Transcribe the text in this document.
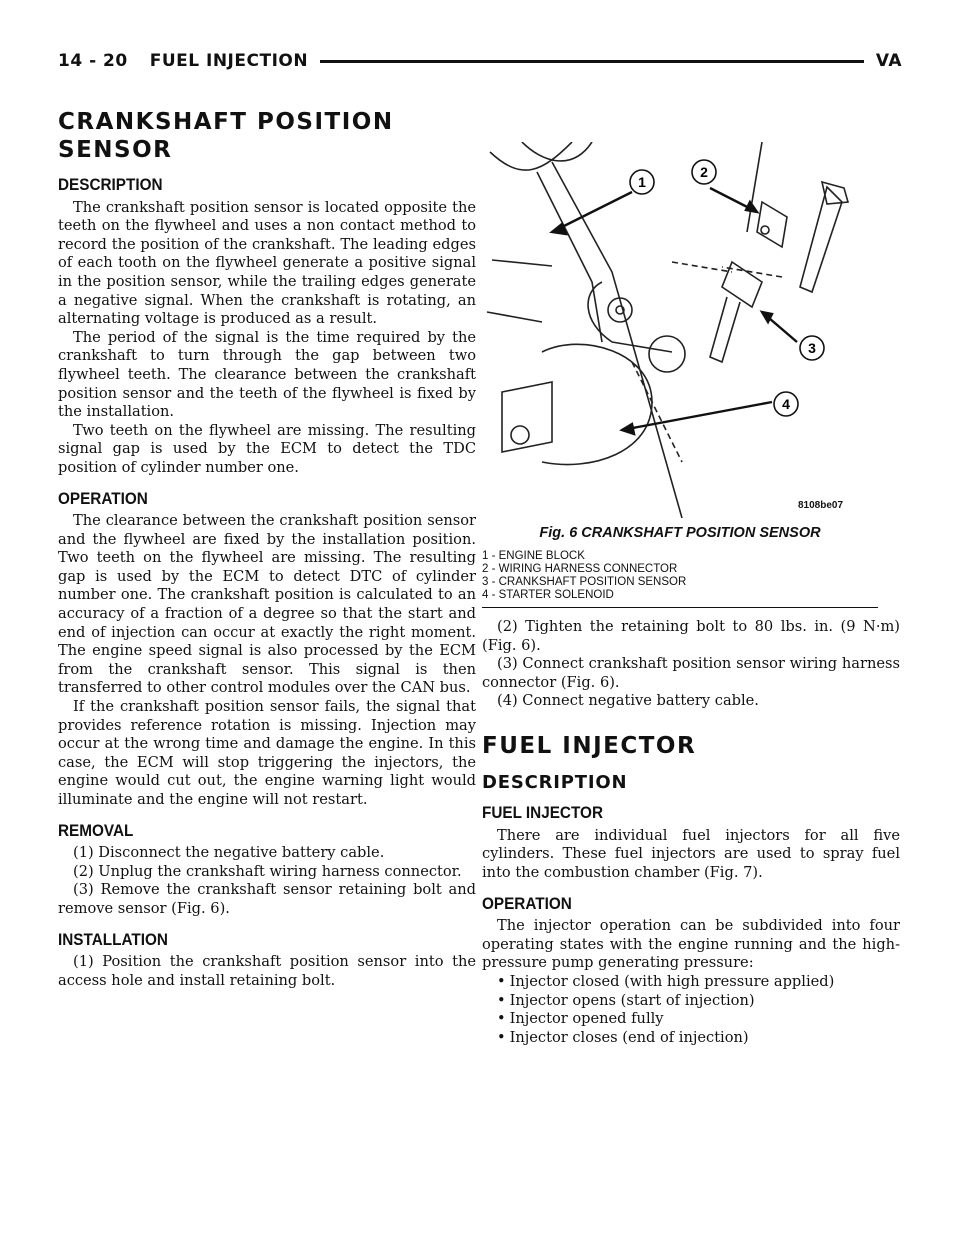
14 - 20 FUEL INJECTION	VA
CRANKSHAFT POSITION SENSOR
DESCRIPTION

The crankshaft position sensor is located opposite the teeth on the flywheel and uses a non contact method to record the position of the crankshaft. The leading edges of each tooth on the flywheel generate a positive signal in the position sensor, while the trailing edges generate a negative signal. When the crankshaft is rotating, an alternating voltage is produced as a result.

The period of the signal is the time required by the crankshaft to turn through the gap between two flywheel teeth. The clearance between the crankshaft position sensor and the teeth of the flywheel is fixed by the installation.

Two teeth on the flywheel are missing. The resulting signal gap is used by the ECM to detect the TDC position of cylinder number one.

OPERATION

The clearance between the crankshaft position sensor and the flywheel are fixed by the installation position. Two teeth on the flywheel are missing. The resulting gap is used by the ECM to detect DTC of cylinder number one. The crankshaft position is calculated to an accuracy of a fraction of a degree so that the start and end of injection can occur at exactly the right moment. The engine speed signal is also processed by the ECM from the crankshaft sensor. This signal is then transferred to other control modules over the CAN bus.

If the crankshaft position sensor fails, the signal that provides reference rotation is missing. Injection may occur at the wrong time and damage the engine. In this case, the ECM will stop triggering the injectors, the engine would cut out, the engine warning light would illuminate and the engine will not restart.

REMOVAL

(1) Disconnect the negative battery cable.

(2) Unplug the crankshaft wiring harness connector.

(3) Remove the crankshaft sensor retaining bolt and remove sensor (Fig. 6).

INSTALLATION

(1) Position the crankshaft position sensor into the access hole and install retaining bolt.

1
2
3
4
8108be07
Fig. 6 CRANKSHAFT POSITION SENSOR
1 - ENGINE BLOCK
2 - WIRING HARNESS CONNECTOR
3 - CRANKSHAFT POSITION SENSOR
4 - STARTER SOLENOID

(2) Tighten the retaining bolt to 80 lbs. in. (9 N·m) (Fig. 6).

(3) Connect crankshaft position sensor wiring harness connector (Fig. 6).

(4) Connect negative battery cable.

FUEL INJECTOR
DESCRIPTION
FUEL INJECTOR

There are individual fuel injectors for all five cylinders. These fuel injectors are used to spray fuel into the combustion chamber (Fig. 7).

OPERATION

The injector operation can be subdivided into four operating states with the engine running and the high-pressure pump generating pressure:

• Injector closed (with high pressure applied)
• Injector opens (start of injection)
• Injector opened fully
• Injector closes (end of injection)
